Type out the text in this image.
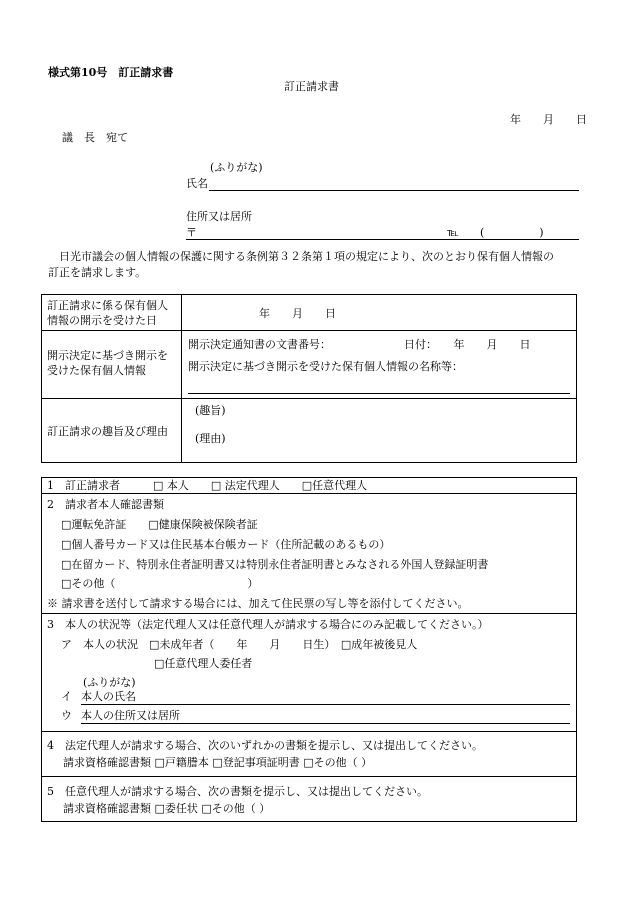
様式第10号　訂正請求書
訂正請求書
年　　月　　日
議　長　宛て
(ふりがな)
氏名
住所又は居所
〒	℡ (　　　　　)
　日光市議会の個人情報の保護に関する条例第３２条第１項の規定により、次のとおり保有個人情報の
訂正を請求します。
訂正請求に係る保有個人
情報の開示を受けた日
年　　月　　日
開示決定に基づき開示を
受けた保有個人情報
開示決定通知書の文書番号：	日付：　　年　　月　　日
開示決定に基づき開示を受けた保有個人情報の名称等：
訂正請求の趣旨及び理由
(趣旨)
(理由)
1　訂正請求者　　　□ 本人　　□ 法定代理人　　□任意代理人
2　請求者本人確認書類
□運転免許証　　□健康保険被保険者証
□個人番号カード又は住民基本台帳カード（住所記載のあるもの）
□在留カード、特別永住者証明書又は特別永住者証明書とみなされる外国人登録証明書
□その他（　　　　　　　　　　　　）
※ 請求書を送付して請求する場合には、加えて住民票の写し等を添付してください。
3　本人の状況等（法定代理人又は任意代理人が請求する場合にのみ記載してください。）
ア　本人の状況　□未成年者（　　年　　月　　日生）　□成年被後見人
□任意代理人委任者
(ふりがな)
イ 本人の氏名
ウ 本人の住所又は居所
4　法定代理人が請求する場合、次のいずれかの書類を提示し、又は提出してください。
請求資格確認書類 □戸籍謄本 □登記事項証明書 □その他（ ）
5　任意代理人が請求する場合、次の書類を提示し、又は提出してください。
請求資格確認書類 □委任状 □その他（ ）
